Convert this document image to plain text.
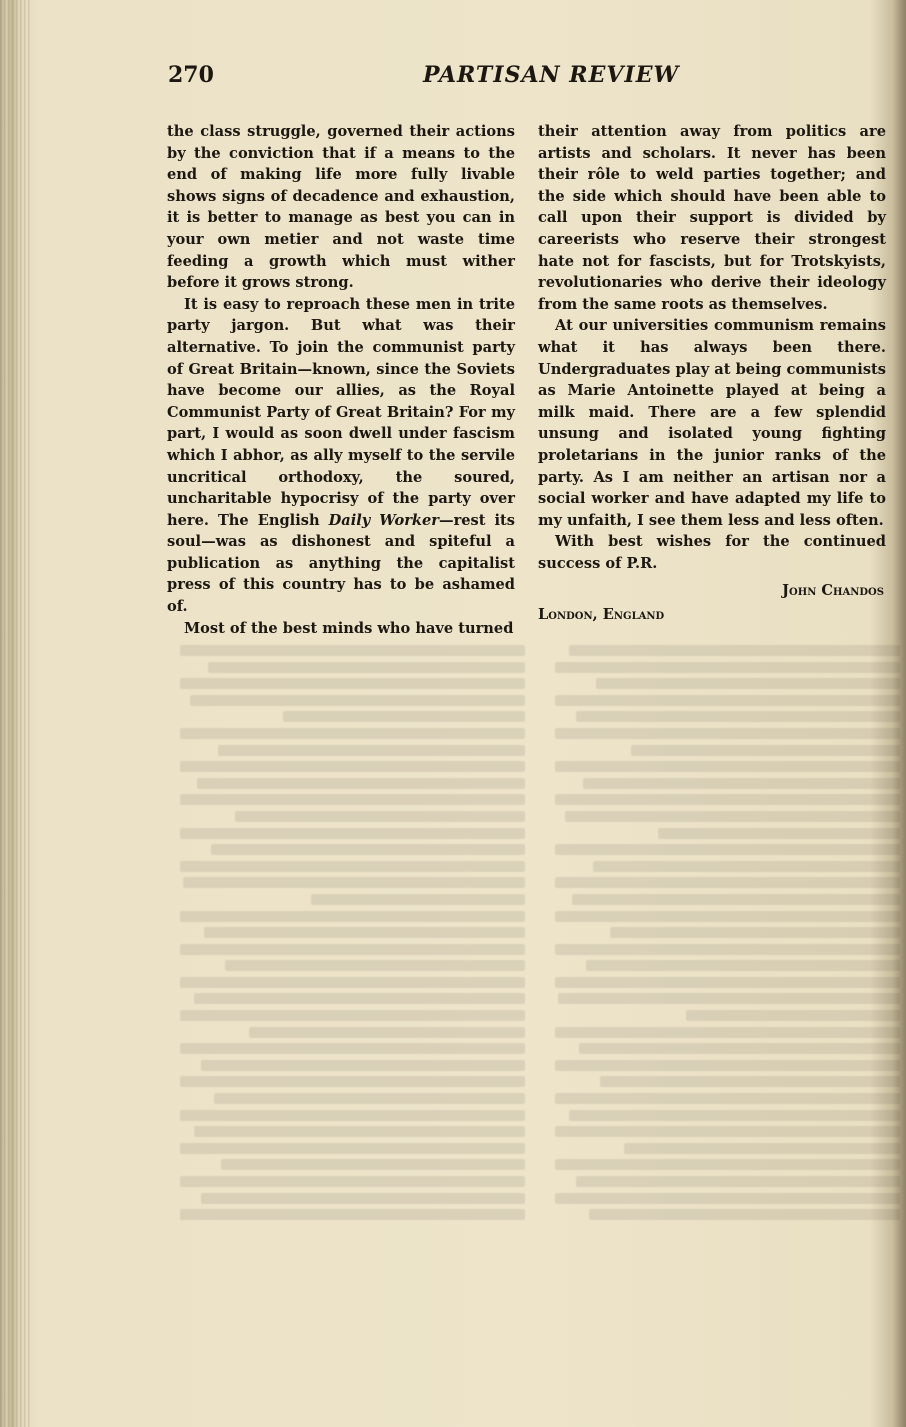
270	PARTISAN REVIEW

the class struggle, governed their actions by the conviction that if a means to the end of making life more fully livable shows signs of decadence and exhaustion, it is better to manage as best you can in your own metier and not waste time feeding a growth which must wither before it grows strong.

It is easy to reproach these men in trite party jargon. But what was their alternative. To join the communist party of Great Britain—known, since the Soviets have become our allies, as the Royal Communist Party of Great Britain? For my part, I would as soon dwell under fascism which I abhor, as ally myself to the servile uncritical orthodoxy, the soured, uncharitable hypocrisy of the party over here. The English Daily Worker—rest its soul—was as dishonest and spiteful a publication as anything the capitalist press of this country has to be ashamed of.

Most of the best minds who have turned

their attention away from politics are artists and scholars. It never has been their rôle to weld parties together; and the side which should have been able to call upon their support is divided by careerists who reserve their strongest hate not for fascists, but for Trotskyists, revolutionaries who derive their ideology from the same roots as themselves.

At our universities communism remains what it has always been there. Undergraduates play at being communists as Marie Antoinette played at being a milk maid. There are a few splendid unsung and isolated young fighting proletarians in the junior ranks of the party. As I am neither an artisan nor a social worker and have adapted my life to my unfaith, I see them less and less often.

With best wishes for the continued success of P.R.

John Chandos
London, England
